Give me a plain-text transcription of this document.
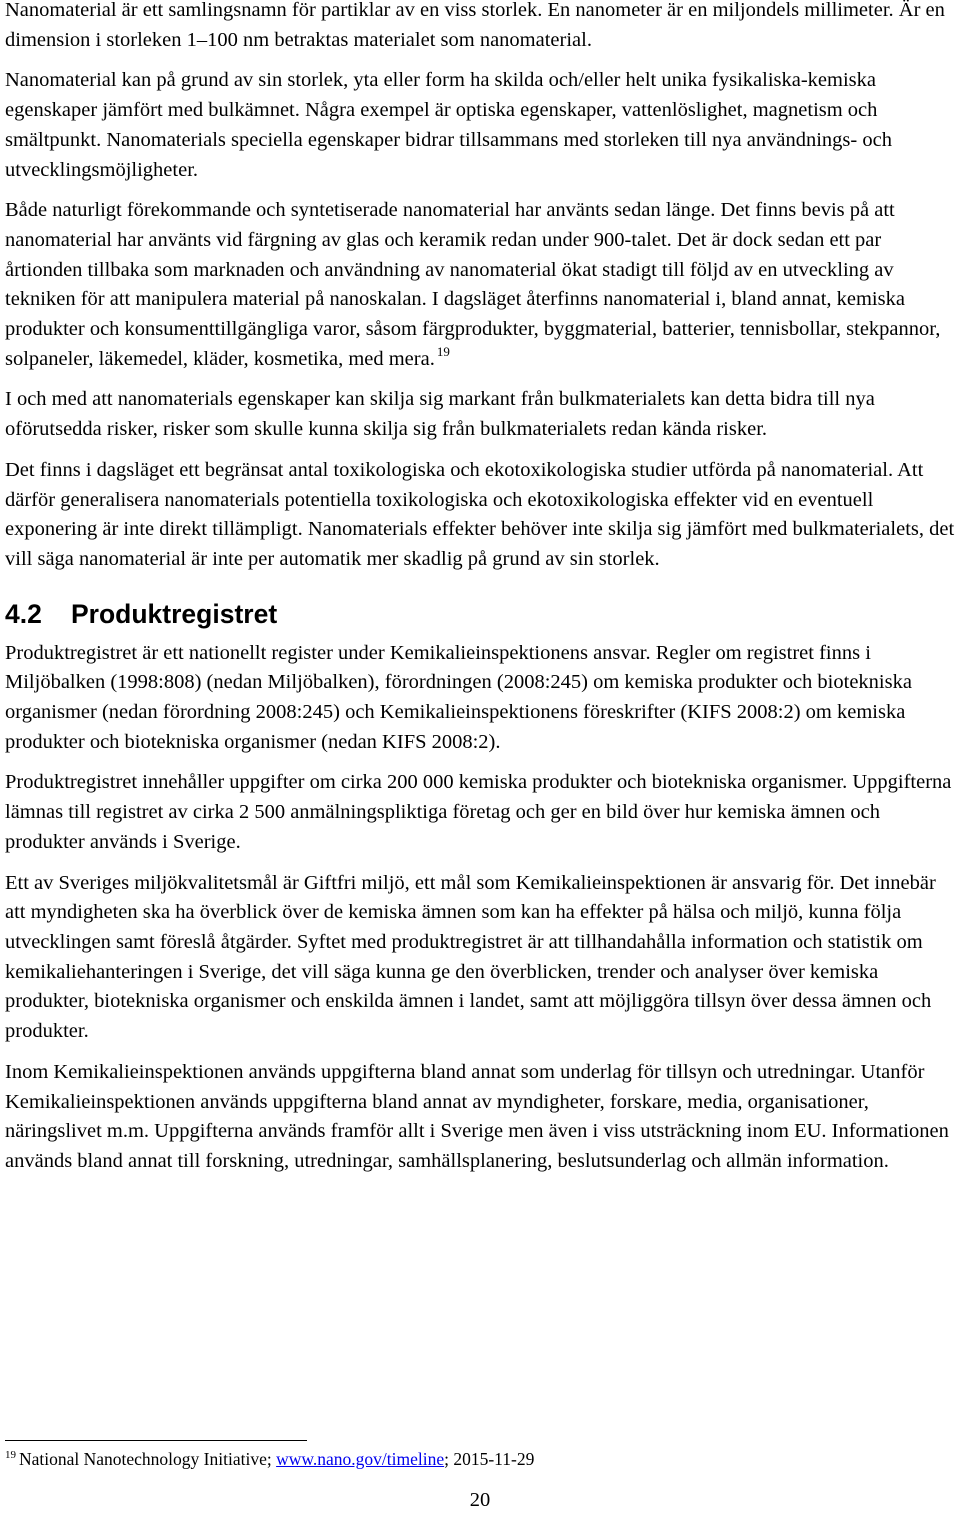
Nanomaterial är ett samlingsnamn för partiklar av en viss storlek. En nanometer är en miljondels millimeter. Är en dimension i storleken 1–100 nm betraktas materialet som nanomaterial.

Nanomaterial kan på grund av sin storlek, yta eller form ha skilda och/eller helt unika fysikaliska-kemiska egenskaper jämfört med bulkämnet. Några exempel är optiska egenskaper, vattenlöslighet, magnetism och smältpunkt. Nanomaterials speciella egenskaper bidrar tillsammans med storleken till nya användnings- och utvecklingsmöjligheter.

Både naturligt förekommande och syntetiserade nanomaterial har använts sedan länge. Det finns bevis på att nanomaterial har använts vid färgning av glas och keramik redan under 900-talet. Det är dock sedan ett par årtionden tillbaka som marknaden och användning av nanomaterial ökat stadigt till följd av en utveckling av tekniken för att manipulera material på nanoskalan. I dagsläget återfinns nanomaterial i, bland annat, kemiska produkter och konsumenttillgängliga varor, såsom färgprodukter, byggmaterial, batterier, tennisbollar, stekpannor, solpaneler, läkemedel, kläder, kosmetika, med mera. $^{19}$

I och med att nanomaterials egenskaper kan skilja sig markant från bulkmaterialets kan detta bidra till nya oförutsedda risker, risker som skulle kunna skilja sig från bulkmaterialets redan kända risker.

Det finns i dagsläget ett begränsat antal toxikologiska och ekotoxikologiska studier utförda på nanomaterial. Att därför generalisera nanomaterials potentiella toxikologiska och ekotoxikologiska effekter vid en eventuell exponering är inte direkt tillämpligt. Nanomaterials effekter behöver inte skilja sig jämfört med bulkmaterialets, det vill säga nanomaterial är inte per automatik mer skadlig på grund av sin storlek.

4.2	Produktregistret

Produktregistret är ett nationellt register under Kemikalieinspektionens ansvar. Regler om registret finns i Miljöbalken (1998:808) (nedan Miljöbalken), förordningen (2008:245) om kemiska produkter och biotekniska organismer (nedan förordning 2008:245) och Kemikalieinspektionens föreskrifter (KIFS 2008:2) om kemiska produkter och biotekniska organismer (nedan KIFS 2008:2).

Produktregistret innehåller uppgifter om cirka 200 000 kemiska produkter och biotekniska organismer. Uppgifterna lämnas till registret av cirka 2 500 anmälningspliktiga företag och ger en bild över hur kemiska ämnen och produkter används i Sverige.

Ett av Sveriges miljökvalitetsmål är Giftfri miljö, ett mål som Kemikalieinspektionen är ansvarig för. Det innebär att myndigheten ska ha överblick över de kemiska ämnen som kan ha effekter på hälsa och miljö, kunna följa utvecklingen samt föreslå åtgärder. Syftet med produktregistret är att tillhandahålla information och statistik om kemikaliehanteringen i Sverige, det vill säga kunna ge den överblicken, trender och analyser över kemiska produkter, biotekniska organismer och enskilda ämnen i landet, samt att möjliggöra tillsyn över dessa ämnen och produkter.

Inom Kemikalieinspektionen används uppgifterna bland annat som underlag för tillsyn och utredningar. Utanför Kemikalieinspektionen används uppgifterna bland annat av myndigheter, forskare, media, organisationer, näringslivet m.m. Uppgifterna används framför allt i Sverige men även i viss utsträckning inom EU. Informationen används bland annat till forskning, utredningar, samhällsplanering, beslutsunderlag och allmän information.

$^{19}$ National Nanotechnology Initiative; www.nano.gov/timeline; 2015-11-29
20
